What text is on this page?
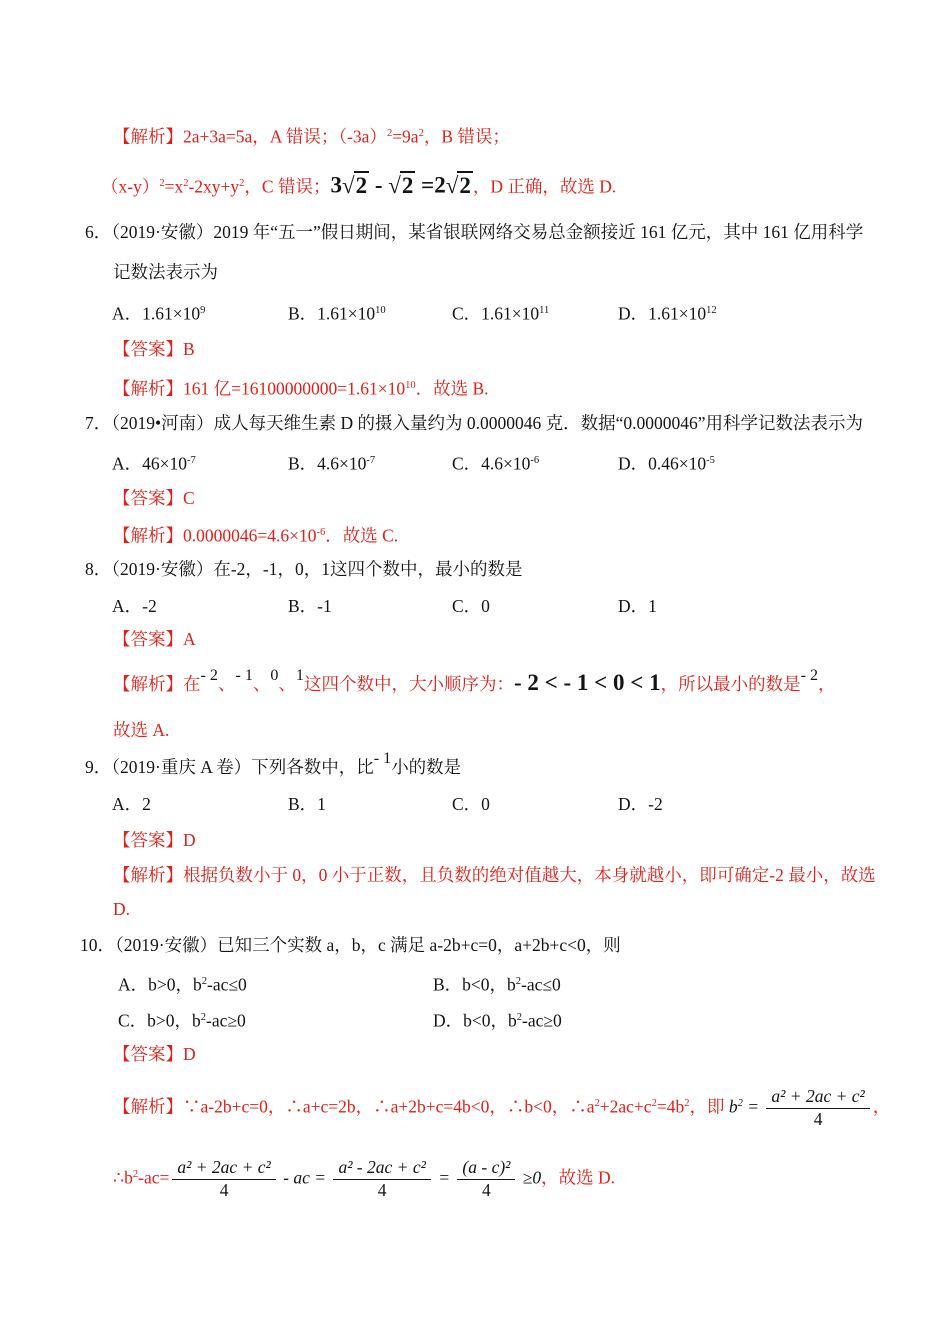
【解析】2a+3a=5a，A 错误；$(-3a)^2=9a^2$，B 错误；

$(x-y)^2=x^2-2xy+y^2$，C 错误；3√2 - √2 =2√2 ，D 正确，故选 D.

6．（2019·安徽）2019 年“五一”假日期间，某省银联网络交易总金额接近 161 亿元，其中 161 亿用科学

记数法表示为

A．$1.61\times 10^9$	B．$1.61\times 10^{10}$	C．$1.61\times 10^{11}$	D．$1.61\times 10^{12}$

【答案】B

【解析】161 亿$=16100000000=1.61\times 10^{10}$．故选 B.

7．（2019•河南）成人每天维生素 D 的摄入量约为 0.0000046 克．数据“0.0000046”用科学记数法表示为

A．$46\times 10^{-7}$	B．$4.6\times 10^{-7}$	C．$4.6\times 10^{-6}$	D．$0.46\times 10^{-5}$

【答案】C

【解析】$0.0000046=4.6\times 10^{-6}$．故选 C.

8．（2019·安徽）在-2，-1，0，1这四个数中，最小的数是

A．-2	B．-1	C．0	D．1

【答案】A

【解析】在- 2、- 1、0、1这四个数中，大小顺序为：- 2 < - 1 < 0 < 1，所以最小的数是- 2，

故选 A.

9．（2019·重庆 A 卷）下列各数中，比- 1小的数是

A．2	B．1	C．0	D．-2

【答案】D

【解析】根据负数小于 0，0 小于正数，且负数的绝对值越大，本身就越小，即可确定-2 最小，故选

D.

10．（2019·安徽）已知三个实数 a，b，c 满足 a-2b+c=0，a+2b+c<0，则

A．b>0，$b^2-ac\le 0$	B．b<0，$b^2-ac\le 0$
C．b>0，$b^2-ac\ge 0$	D．b<0，$b^2-ac\ge 0$

【答案】D

【解析】∵a-2b+c=0，∴a+c=2b，∴a+2b+c=4b<0，∴b<0，$\therefore a^2+2ac+c^2=4b^2$，即 $b^2 = \frac{\text{a² + 2ac + c²}}{4}$ ，

$\therefore b^2-ac= \frac{\text{a² + 2ac + c²}}{4}$ - ac = $\frac{\text{a² - 2ac + c²}}{4} = \frac{\text{(a - c)²}}{4} \ge 0$，故选 D.
